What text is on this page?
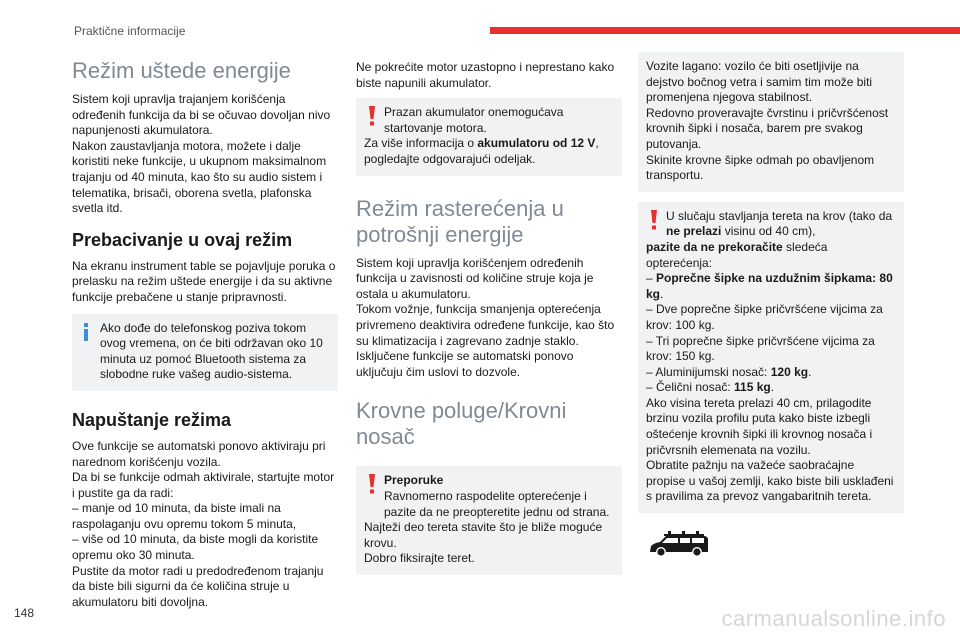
Praktične informacije
Režim uštede energije

Sistem koji upravlja trajanjem korišćenja određenih funkcija da bi se očuvao dovoljan nivo napunjenosti akumulatora.

Nakon zaustavljanja motora, možete i dalje koristiti neke funkcije, u ukupnom maksimalnom trajanju od 40 minuta, kao što su audio sistem i telematika, brisači, oborena svetla, plafonska svetla itd.

Prebacivanje u ovaj režim

Na ekranu instrument table se pojavljuje poruka o prelasku na režim uštede energije i da su aktivne funkcije prebačene u stanje pripravnosti.

Ako dođe do telefonskog poziva tokom ovog vremena, on će biti održavan oko 10 minuta uz pomoć Bluetooth sistema za slobodne ruke vašeg audio-sistema.
Napuštanje režima

Ove funkcije se automatski ponovo aktiviraju pri narednom korišćenju vozila.

Da bi se funkcije odmah aktivirale, startujte motor i pustite ga da radi:

– manje od 10 minuta, da biste imali na raspolaganju ovu opremu tokom 5 minuta,

– više od 10 minuta, da biste mogli da koristite opremu oko 30 minuta.

Pustite da motor radi u predodređenom trajanju da biste bili sigurni da će količina struje u akumulatoru biti dovoljna.

Ne pokrećite motor uzastopno i neprestano kako biste napunili akumulator.

Prazan akumulator onemogućava startovanje motora.
Za više informacija o akumulatoru od 12 V, pogledajte odgovarajući odeljak.
Režim rasterećenja u potrošnji energije

Sistem koji upravlja korišćenjem određenih funkcija u zavisnosti od količine struje koja je ostala u akumulatoru.

Tokom vožnje, funkcija smanjenja opterećenja privremeno deaktivira određene funkcije, kao što su klimatizacija i zagrevano zadnje staklo.

Isključene funkcije se automatski ponovo uključuju čim uslovi to dozvole.

Krovne poluge/Krovni nosač
Preporuke
Ravnomerno raspodelite opterećenje i pazite da ne preopteretite jednu od strana.
Najteži deo tereta stavite što je bliže moguće krovu.
Dobro fiksirajte teret.
Vozite lagano: vozilo će biti osetljivije na dejstvo bočnog vetra i samim tim može biti promenjena njegova stabilnost.
Redovno proveravajte čvrstinu i pričvršćenost krovnih šipki i nosača, barem pre svakog putovanja.
Skinite krovne šipke odmah po obavljenom transportu.
U slučaju stavljanja tereta na krov (tako da ne prelazi visinu od 40 cm),
pazite da ne prekoračite sledeća opterećenja:
– Poprečne šipke na uzdužnim šipkama: 80 kg.
– Dve poprečne šipke pričvršćene vijcima za krov: 100 kg.
– Tri poprečne šipke pričvršćene vijcima za krov: 150 kg.
– Aluminijumski nosač: 120 kg.
– Čelični nosač: 115 kg.
Ako visina tereta prelazi 40 cm, prilagodite brzinu vozila profilu puta kako biste izbegli oštećenje krovnih šipki ili krovnog nosača i pričvrsnih elemenata na vozilu.
Obratite pažnju na važeće saobraćajne propise u vašoj zemlji, kako biste bili usklađeni s pravilima za prevoz vangabaritnih tereta.
148	carmanualsonline.info
